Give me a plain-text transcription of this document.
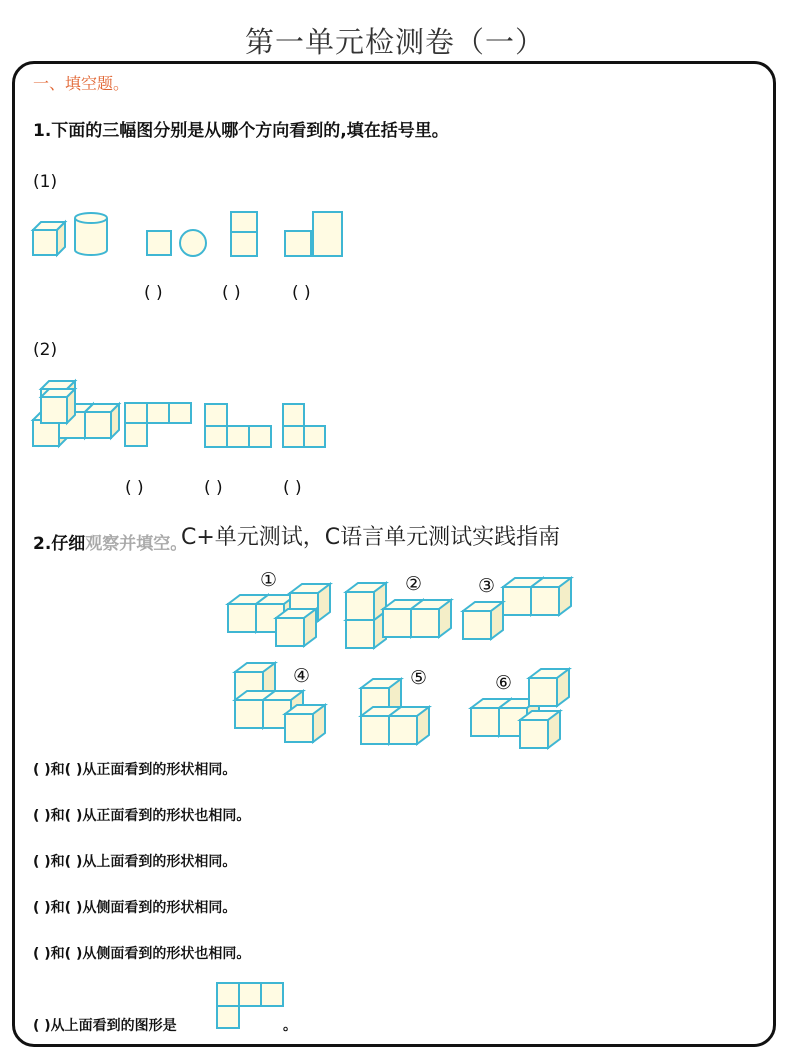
第一单元检测卷（一）
一、填空题。
1.下面的三幅图分别是从哪个方向看到的,填在括号里。
(1)
( )	( )	( )
(2)
( )	( )	( )
2.仔细观察并填空。
C+单元测试，C语言单元测试实践指南
( )和( )从正面看到的形状相同。
( )和( )从正面看到的形状也相同。
( )和( )从上面看到的形状相同。
( )和( )从侧面看到的形状相同。
( )和( )从侧面看到的形状也相同。
( )从上面看到的图形是	。
①	②	③
④	⑤	⑥
